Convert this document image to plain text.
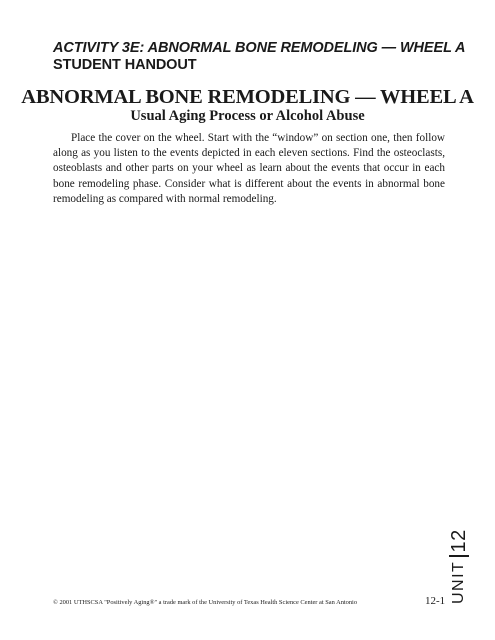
ACTIVITY 3E: ABNORMAL BONE REMODELING — WHEEL A
STUDENT HANDOUT
ABNORMAL BONE REMODELING — WHEEL A
Usual Aging Process or Alcohol Abuse

Place the cover on the wheel. Start with the “window” on section one, then follow along as you listen to the events depicted in each eleven sections. Find the osteoclasts, osteoblasts and other parts on your wheel as learn about the events that occur in each bone remodeling phase. Consider what is different about the events in abnormal bone remodeling as compared with normal remodeling.

UNIT
12
© 2001 UTHSCSA "Positively Aging®" a trade mark of the University of Texas Health Science Center at San Antonio	12-1
